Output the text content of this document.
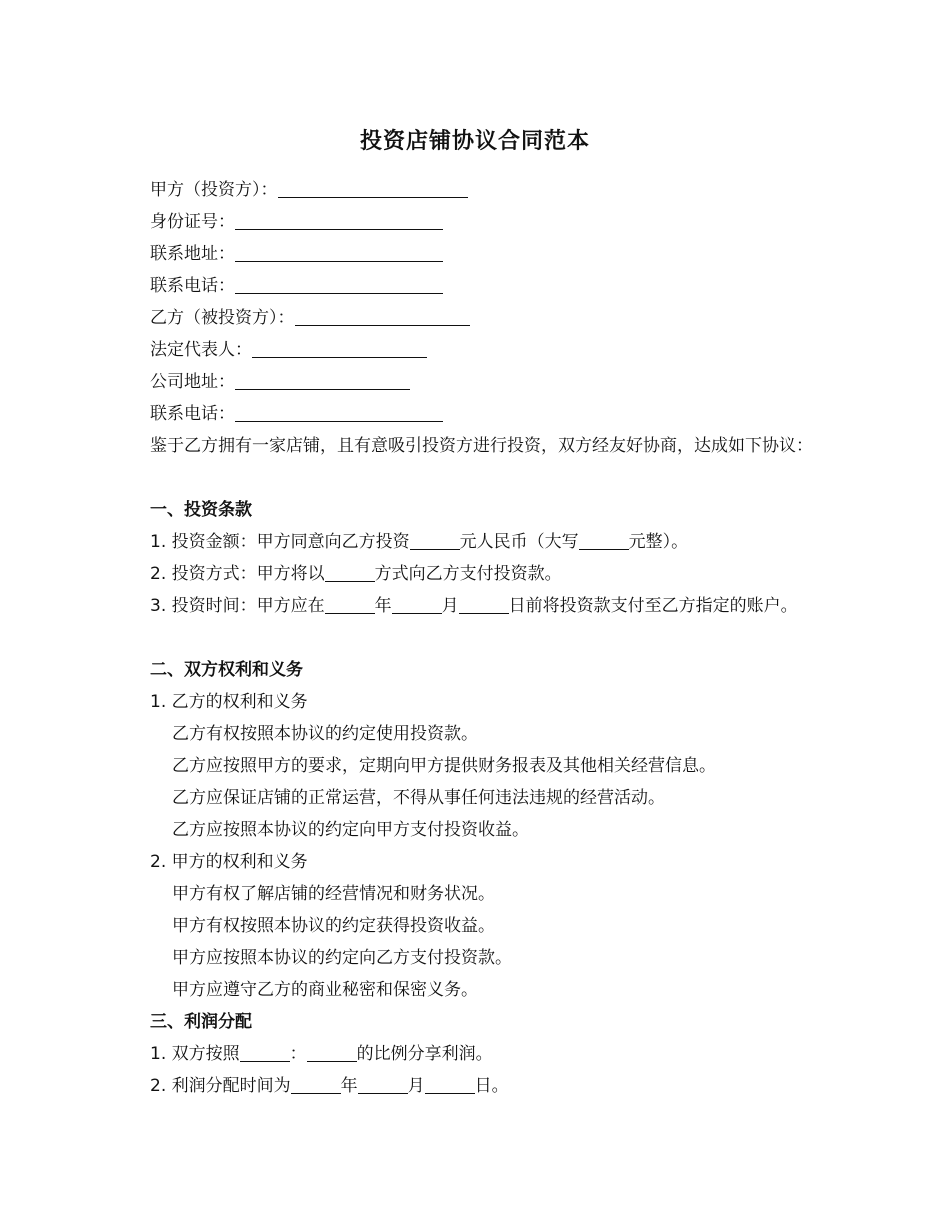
投资店铺协议合同范本
甲方（投资方）：
身份证号：
联系地址：
联系电话：
乙方（被投资方）：
法定代表人：
公司地址：
联系电话：
鉴于乙方拥有一家店铺，且有意吸引投资方进行投资，双方经友好协商，达成如下协议：
一、投资条款
1. 投资金额：甲方同意向乙方投资	元人民币（大写	元整）。
2. 投资方式：甲方将以	方式向乙方支付投资款。
3. 投资时间：甲方应在	年	月	日前将投资款支付至乙方指定的账户。
二、双方权利和义务
1. 乙方的权利和义务
乙方有权按照本协议的约定使用投资款。
乙方应按照甲方的要求，定期向甲方提供财务报表及其他相关经营信息。
乙方应保证店铺的正常运营，不得从事任何违法违规的经营活动。
乙方应按照本协议的约定向甲方支付投资收益。
2. 甲方的权利和义务
甲方有权了解店铺的经营情况和财务状况。
甲方有权按照本协议的约定获得投资收益。
甲方应按照本协议的约定向乙方支付投资款。
甲方应遵守乙方的商业秘密和保密义务。
三、利润分配
1. 双方按照	：	的比例分享利润。
2. 利润分配时间为	年	月	日。
